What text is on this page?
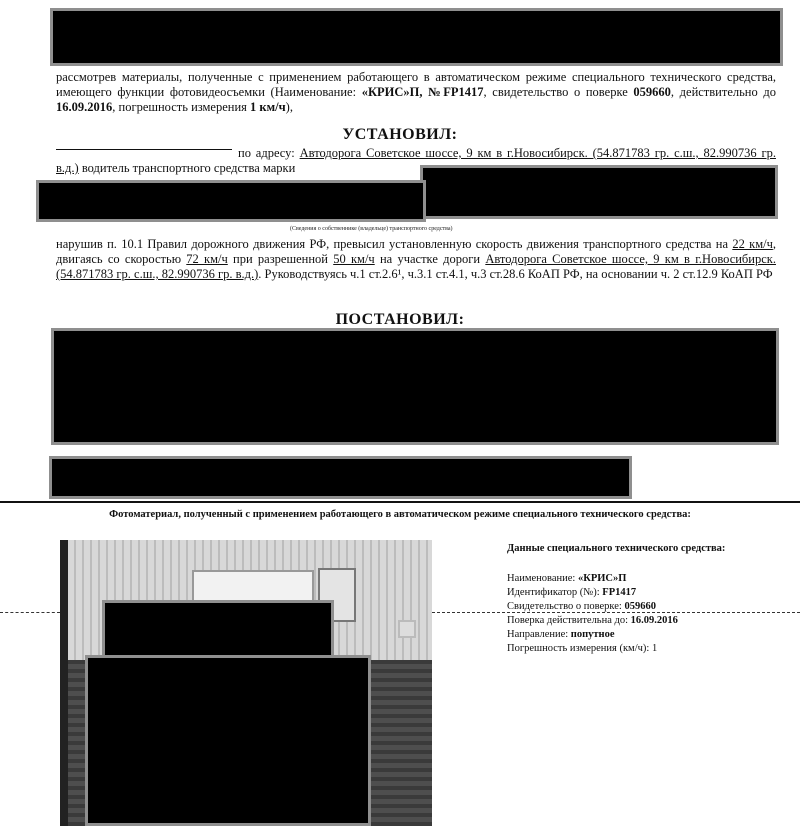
рассмотрев материалы, полученные с применением работающего в автоматическом режиме специального технического средства, имеющего функции фотовидеосъемки (Наименование: «КРИС»П, №FP1417, свидетельство о поверке 059660, действительно до 16.09.2016, погрешность измерения 1 км/ч),

УСТАНОВИЛ:

по адресу: Автодорога Советское шоссе, 9 км в г.Новосибирск. (54.871783 гр. с.ш., 82.990736 гр. в.д.) водитель транспортного средства марки

(Сведения о собственнике (владельце) транспортного средства)

нарушив п. 10.1 Правил дорожного движения РФ, превысил установленную скорость движения транспортного средства на 22 км/ч, двигаясь со скоростью 72 км/ч при разрешенной 50 км/ч на участке дороги Автодорога Советское шоссе, 9 км в г.Новосибирск. (54.871783 гр. с.ш., 82.990736 гр. в.д.). Руководствуясь ч.1 ст.2.6¹, ч.3.1 ст.4.1, ч.3 ст.28.6 КоАП РФ, на основании ч. 2 ст.12.9 КоАП РФ

ПОСТАНОВИЛ:
Фотоматериал, полученный с применением работающего в автоматическом режиме специального технического средства:
Данные специального технического средства:
Наименование: «КРИС»П
Идентификатор (№): FP1417
Свидетельство о поверке: 059660
Поверка действительна до: 16.09.2016
Направление: попутное
Погрешность измерения (км/ч): 1
